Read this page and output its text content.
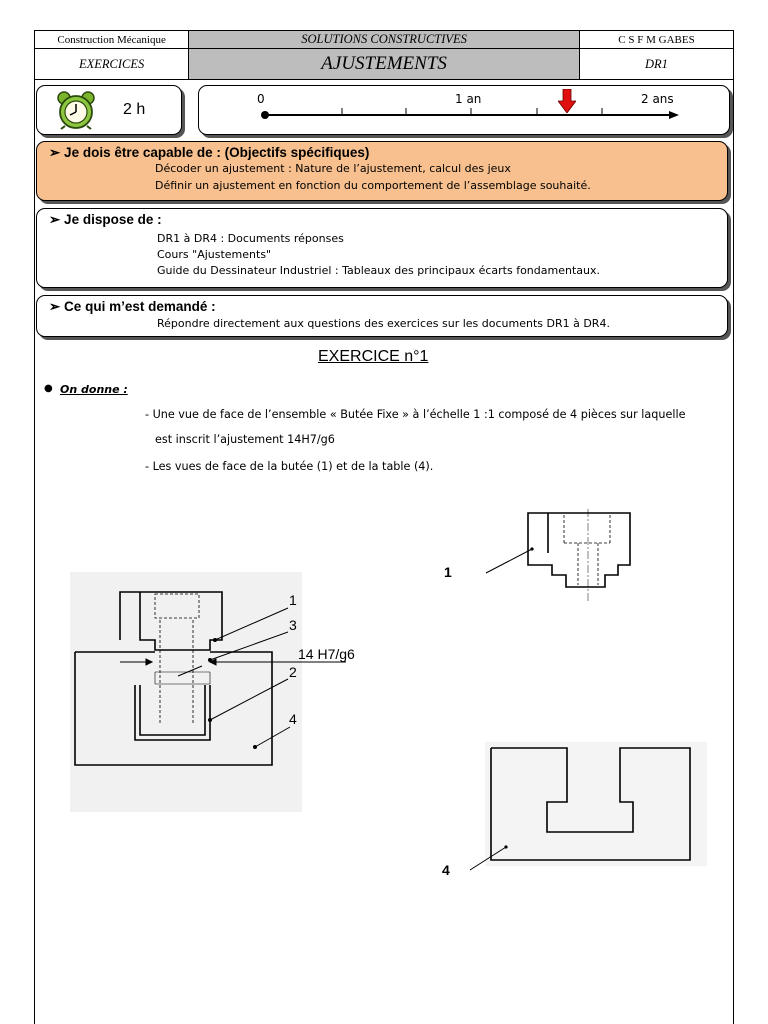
Construction Mécanique	SOLUTIONS CONSTRUCTIVES	C S F M GABES
EXERCICES	AJUSTEMENTS	DR1
2 h
0	1 an	2 ans
➢ Je dois être capable de : (Objectifs spécifiques)
Décoder un ajustement : Nature de l’ajustement, calcul des jeux
Définir un ajustement en fonction du comportement de l’assemblage souhaité.
➢ Je dispose de :
DR1 à DR4 : Documents réponses
Cours "Ajustements"
Guide du Dessinateur Industriel : Tableaux des principaux écarts fondamentaux.
➢ Ce qui m’est demandé :
Répondre directement aux questions des exercices sur les documents DR1 à DR4.
EXERCICE n°1
● On donne :
- Une vue de face de l’ensemble « Butée Fixe » à l’échelle 1 :1 composé de 4 pièces sur laquelle
est inscrit l’ajustement 14H7/g6
- Les vues de face de la butée (1) et de la table (4).
1
3
14 H7/g6
2
4
1
4
